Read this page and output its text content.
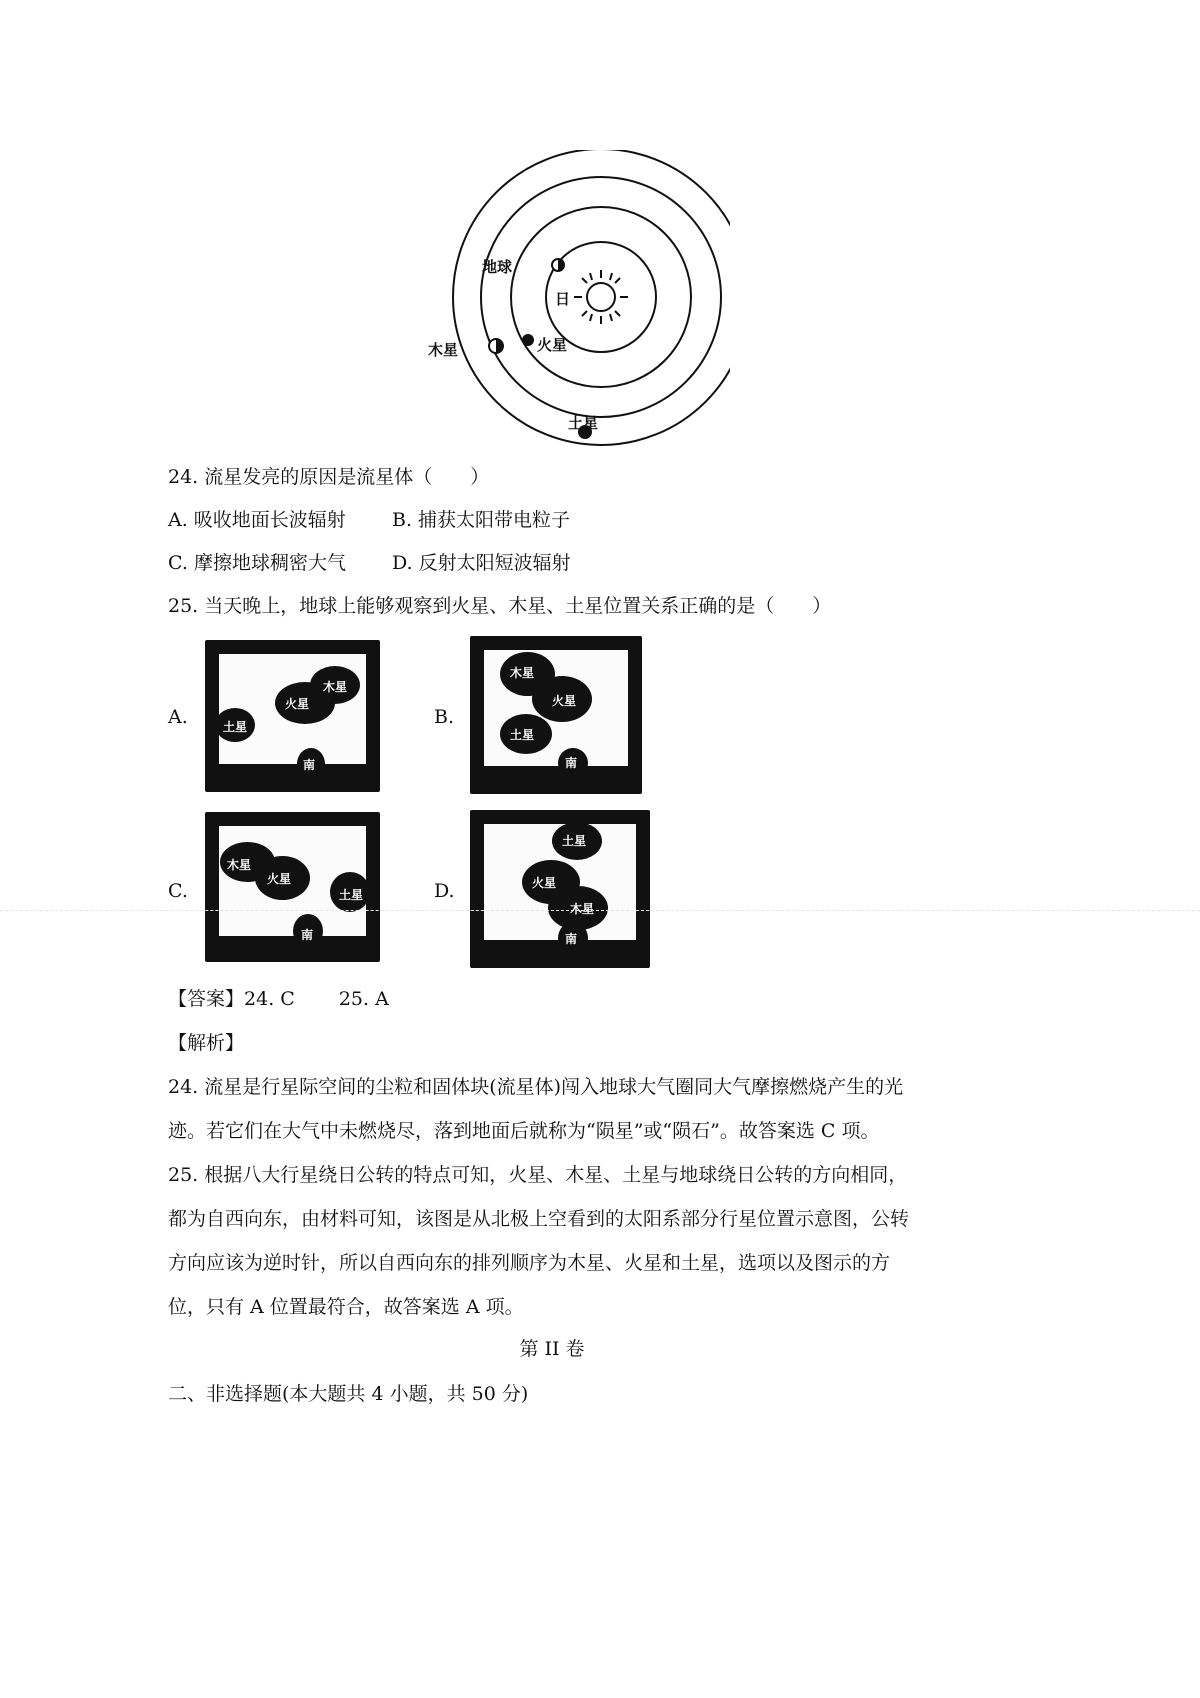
日
地球
火星
木星
土星
24. 流星发亮的原因是流星体（　　）
A. 吸收地面长波辐射 B. 捕获太阳带电粒子
C. 摩擦地球稠密大气 D. 反射太阳短波辐射
25. 当天晚上，地球上能够观察到火星、木星、土星位置关系正确的是（　　）
A.
火星
木星
土星
南
B.
木星
火星
土星
南
C.
木星
火星
土星
南
D.
土星
火星
木星
南
【答案】24. C　　 25. A
【解析】
24. 流星是行星际空间的尘粒和固体块(流星体)闯入地球大气圈同大气摩擦燃烧产生的光
迹。若它们在大气中未燃烧尽，落到地面后就称为“陨星”或“陨石”。故答案选 C 项。
25. 根据八大行星绕日公转的特点可知，火星、木星、土星与地球绕日公转的方向相同，
都为自西向东，由材料可知，该图是从北极上空看到的太阳系部分行星位置示意图，公转
方向应该为逆时针，所以自西向东的排列顺序为木星、火星和土星，选项以及图示的方
位，只有 A 位置最符合，故答案选 A 项。
第 II 卷
二、非选择题(本大题共 4 小题，共 50 分)
